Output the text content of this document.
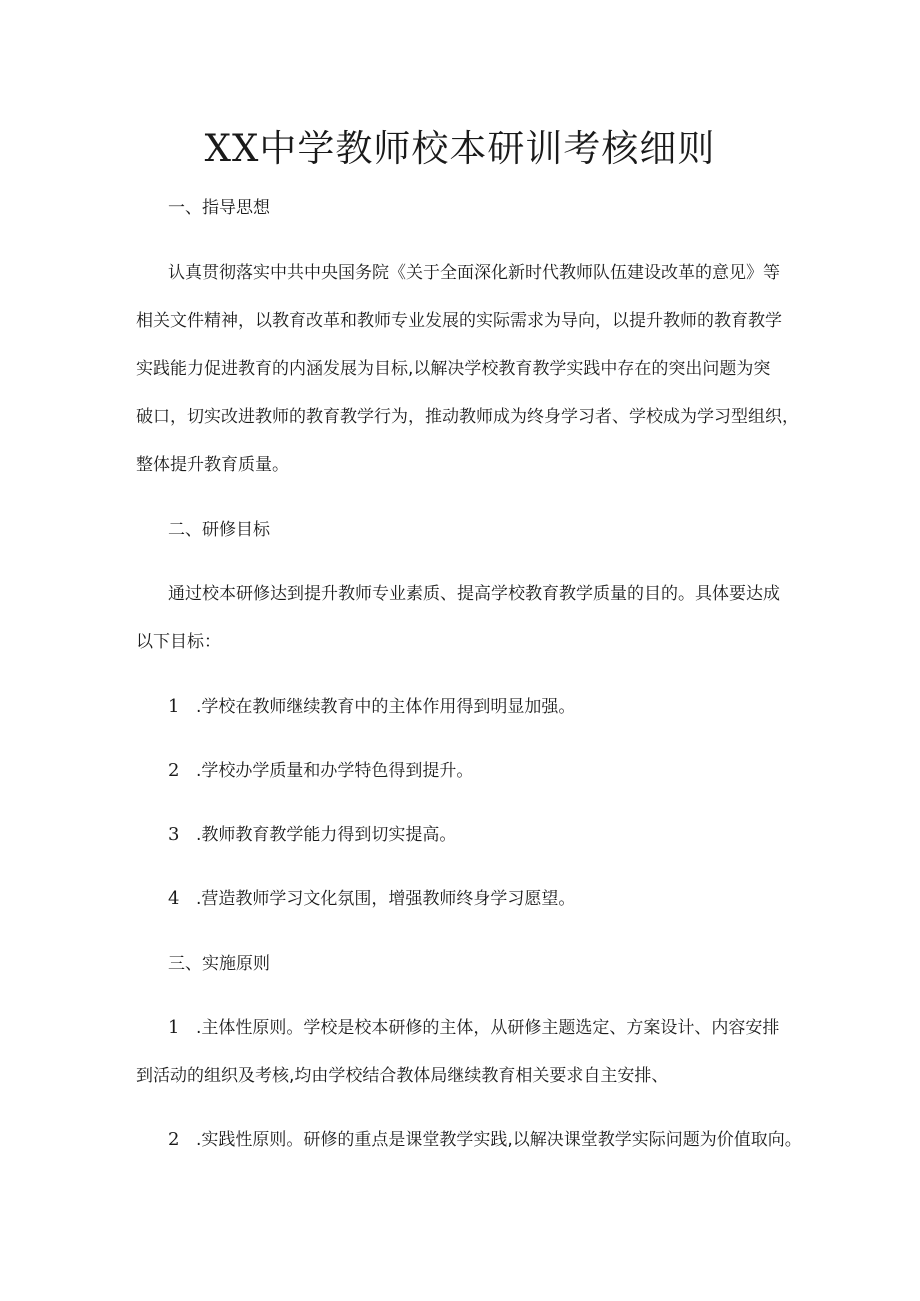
XX中学教师校本研训考核细则
一、指导思想
认真贯彻落实中共中央国务院《关于全面深化新时代教师队伍建设改革的意见》等
相关文件精神，以教育改革和教师专业发展的实际需求为导向，以提升教师的教育教学
实践能力促进教育的内涵发展为目标,以解决学校教育教学实践中存在的突出问题为突
破口，切实改进教师的教育教学行为，推动教师成为终身学习者、学校成为学习型组织，
整体提升教育质量。
二、研修目标
通过校本研修达到提升教师专业素质、提高学校教育教学质量的目的。具体要达成
以下目标：
1 .学校在教师继续教育中的主体作用得到明显加强。
2 .学校办学质量和办学特色得到提升。
3 .教师教育教学能力得到切实提高。
4 .营造教师学习文化氛围，增强教师终身学习愿望。
三、实施原则
1 .主体性原则。学校是校本研修的主体，从研修主题选定、方案设计、内容安排
到活动的组织及考核,均由学校结合教体局继续教育相关要求自主安排、
2 .实践性原则。研修的重点是课堂教学实践,以解决课堂教学实际问题为价值取向。
